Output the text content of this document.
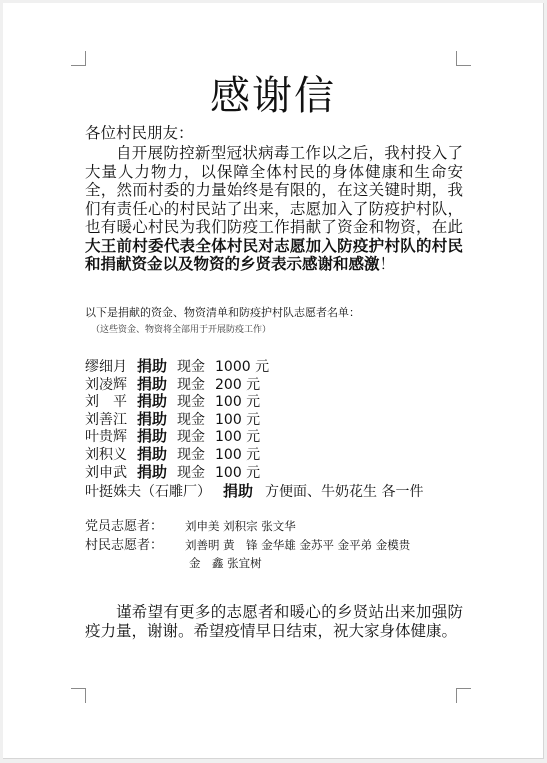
感谢信
各位村民朋友：
自开展防控新型冠状病毒工作以之后，我村投入了大量人力物力，以保障全体村民的身体健康和生命安全，然而村委的力量始终是有限的，在这关键时期，我们有责任心的村民站了出来，志愿加入了防疫护村队，也有暖心村民为我们防疫工作捐献了资金和物资，在此大王前村委代表全体村民对志愿加入防疫护村队的村民和捐献资金以及物资的乡贤表示感谢和感激！
以下是捐献的资金、物资清单和防疫护村队志愿者名单：
（这些资金、物资将全部用于开展防疫工作）
缪细月 捐助 现金 1000 元
刘凌辉 捐助 现金 200 元
刘　平 捐助 现金 100 元
刘善江 捐助 现金 100 元
叶贵辉 捐助 现金 100 元
刘积义 捐助 现金 100 元
刘申武 捐助 现金 100 元
叶挺姝夫（石雕厂） 捐助 方便面、牛奶花生 各一件
党员志愿者： 刘申美 刘积宗 张文华
村民志愿者： 刘善明 黄　锋 金华雄 金苏平 金平弟 金模贵
金　鑫 张宜树
谨希望有更多的志愿者和暖心的乡贤站出来加强防疫力量，谢谢。希望疫情早日结束，祝大家身体健康。
